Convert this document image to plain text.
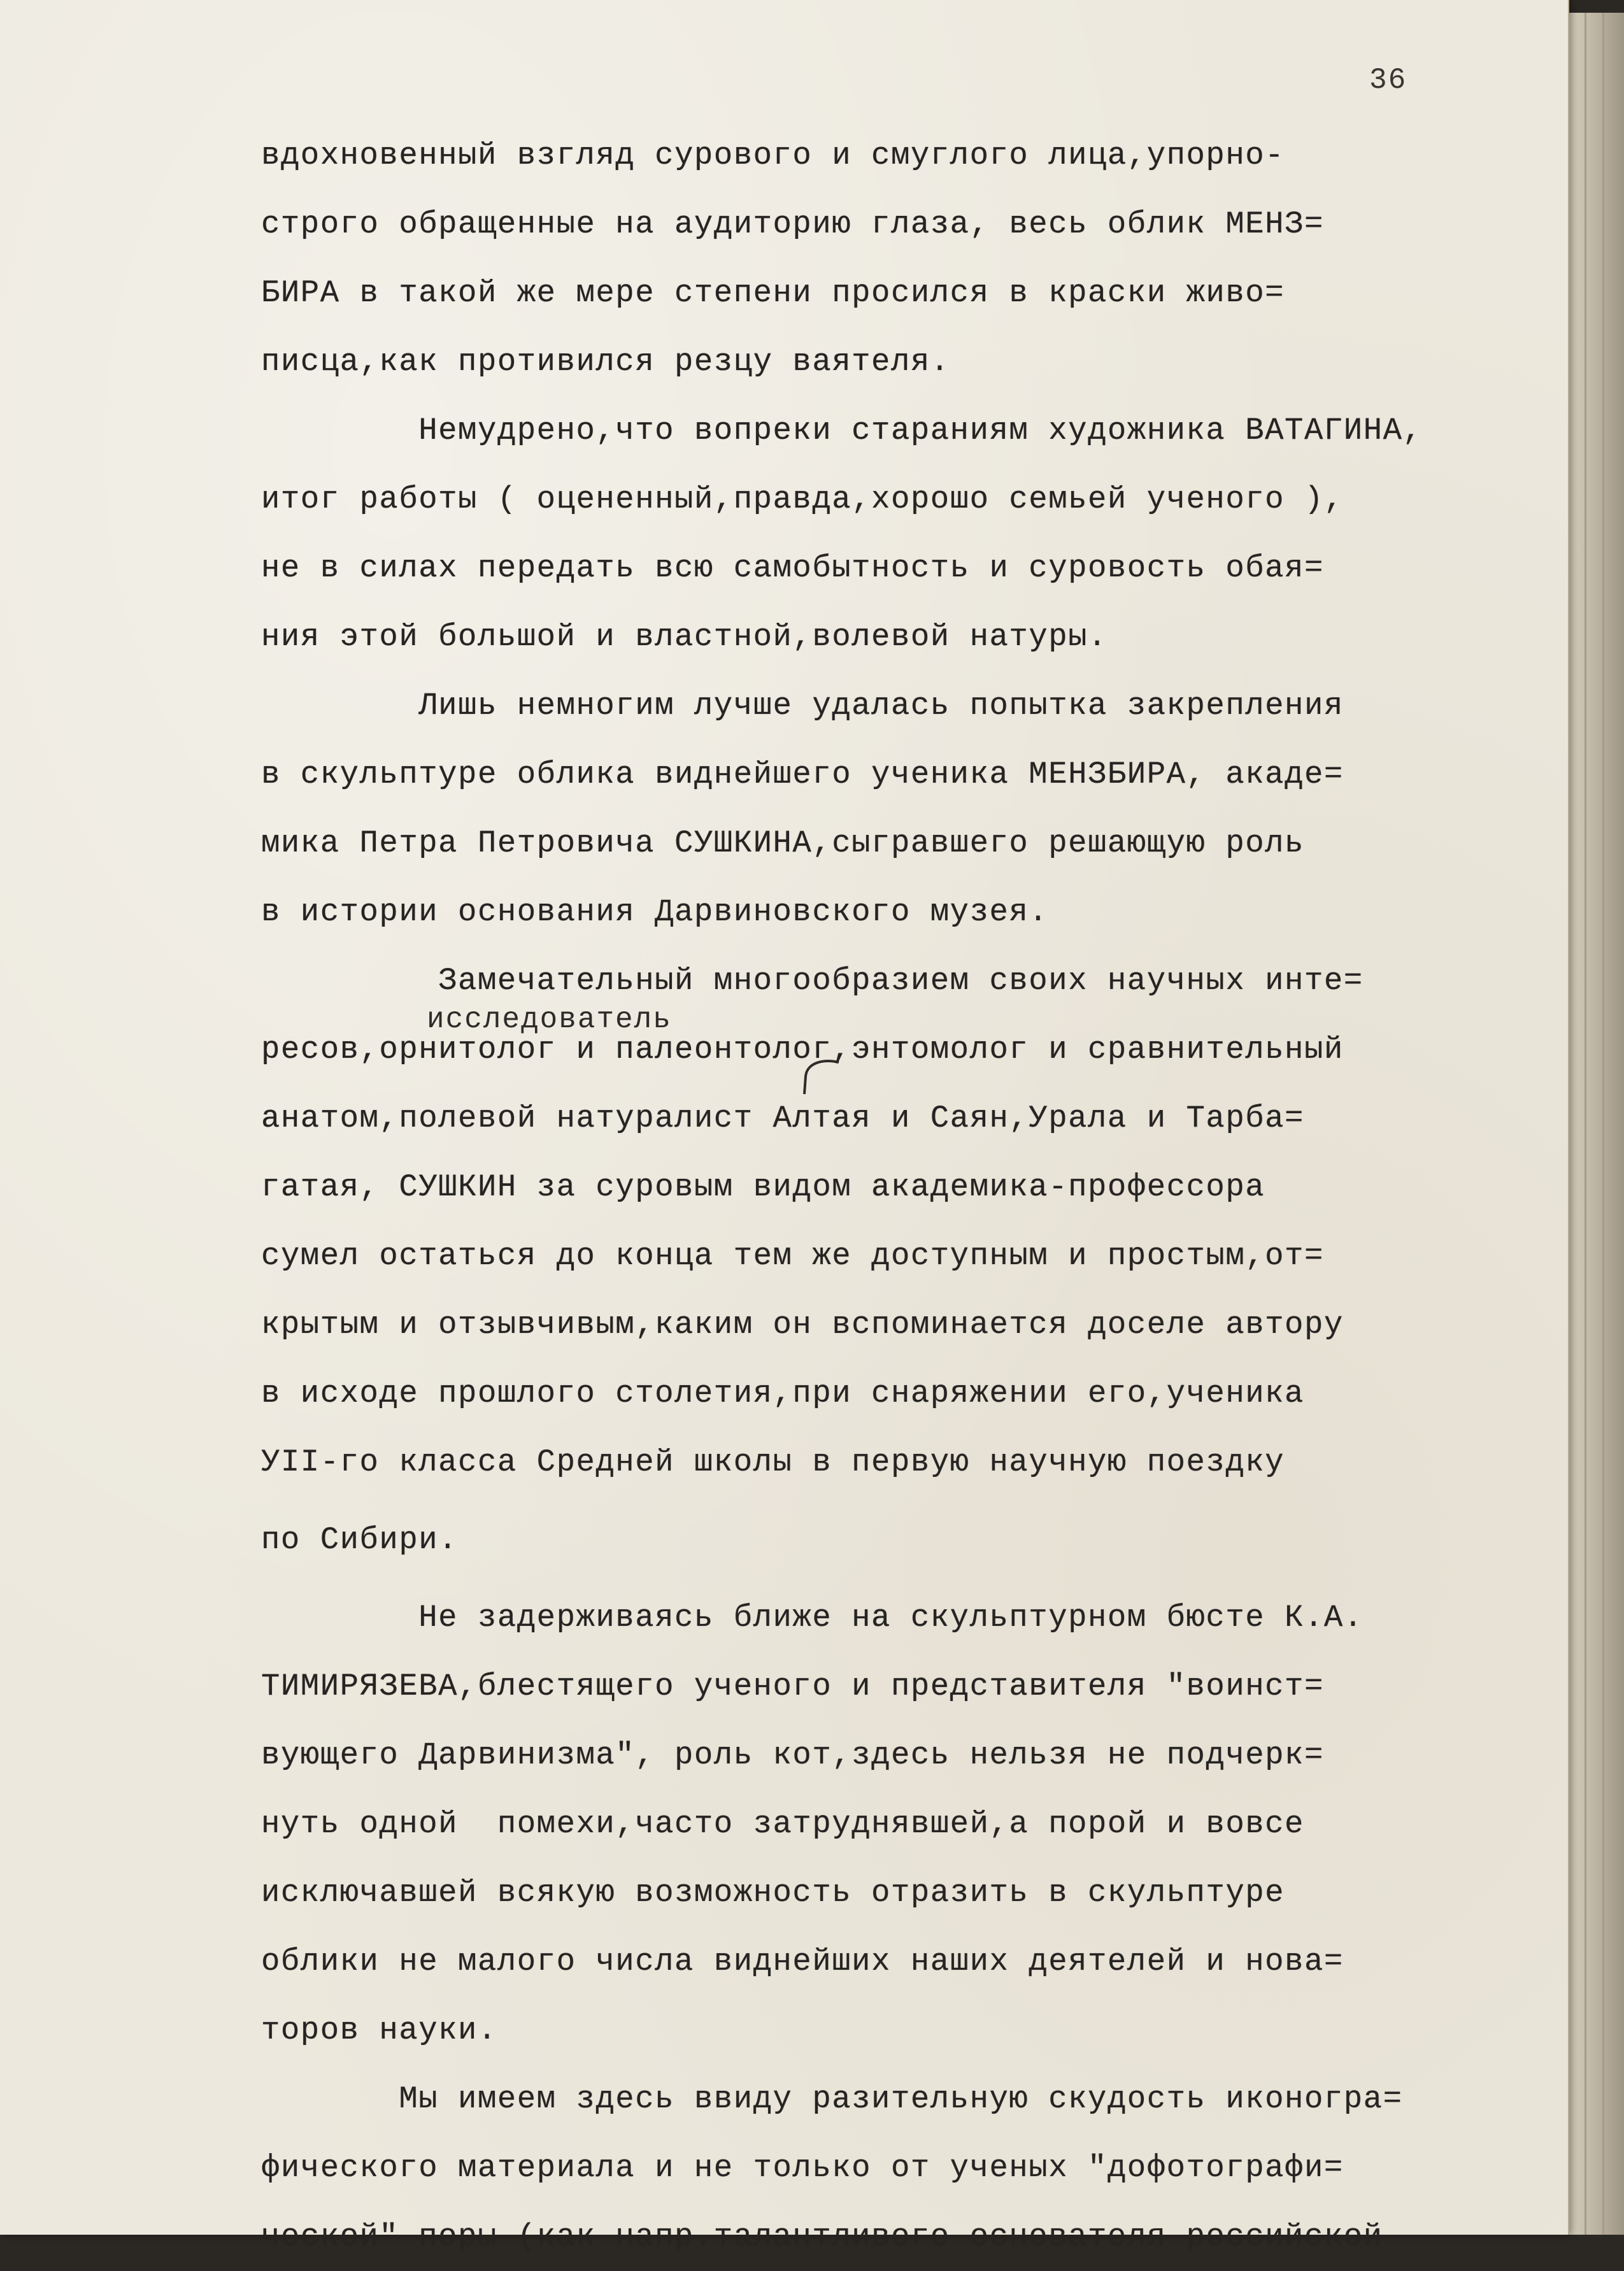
36
исследователь
вдохновенный взгляд сурового и смуглого лица,упорно-
строго обращенные на аудиторию глаза, весь облик МЕНЗ=
БИРА в такой же мере степени просился в краски живо=
писца,как противился резцу ваятеля.
Немудрено,что вопреки стараниям художника ВАТАГИНА,
итог работы ( оцененный,правда,хорошо семьей ученого ),
не в силах передать всю самобытность и суровость обая=
ния этой большой и властной,волевой натуры.
Лишь немногим лучше удалась попытка закрепления
в скульптуре облика виднейшего ученика МЕНЗБИРА, акаде=
мика Петра Петровича СУШКИНА,сыгравшего решающую роль
в истории основания Дарвиновского музея.
Замечательный многообразием своих научных инте=
ресов,орнитолог и палеонтолог,энтомолог и сравнительный
анатом,полевой натуралист Алтая и Саян,Урала и Тарба=
гатая, СУШКИН за суровым видом академика-профессора
сумел остаться до конца тем же доступным и простым,от=
крытым и отзывчивым,каким он вспоминается доселе автору
в исходе прошлого столетия,при снаряжении его,ученика
УII-го класса Средней школы в первую научную поездку
по Сибири.
Не задерживаясь ближе на скульптурном бюсте К.А.
ТИМИРЯЗЕВА,блестящего ученого и представителя "воинст=
вующего Дарвинизма", роль кот,здесь нельзя не подчерк=
нуть одной  помехи,часто затруднявшей,а порой и вовсе
исключавшей всякую возможность отразить в скульптуре
облики не малого числа виднейших наших деятелей и нова=
торов науки.
Мы имеем здесь ввиду разительную скудость иконогра=
фического материала и не только от ученых "дофотографи=
ческой" поры (как напр.талантливого основателя российской
